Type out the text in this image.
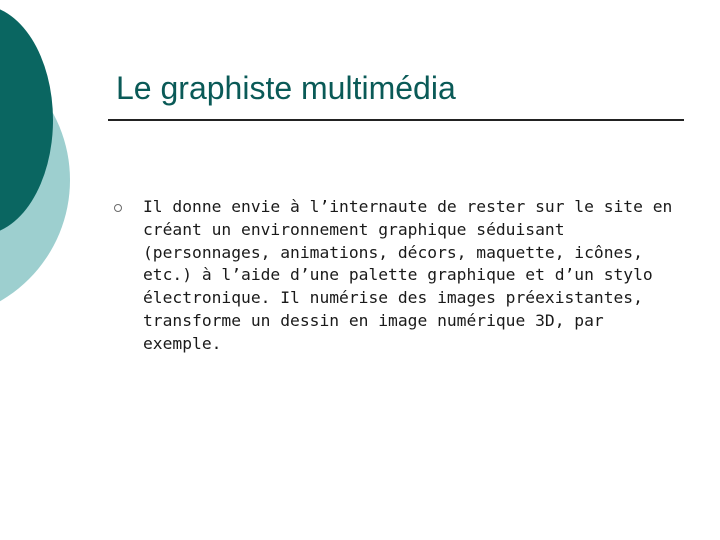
Le graphiste multimédia
Il donne envie à l’internaute de rester sur le site en créant un environnement graphique séduisant (personnages, animations, décors, maquette, icônes, etc.) à l’aide d’une palette graphique et d’un stylo électronique. Il numérise des images préexistantes, transforme un dessin en image numérique 3D, par exemple.
